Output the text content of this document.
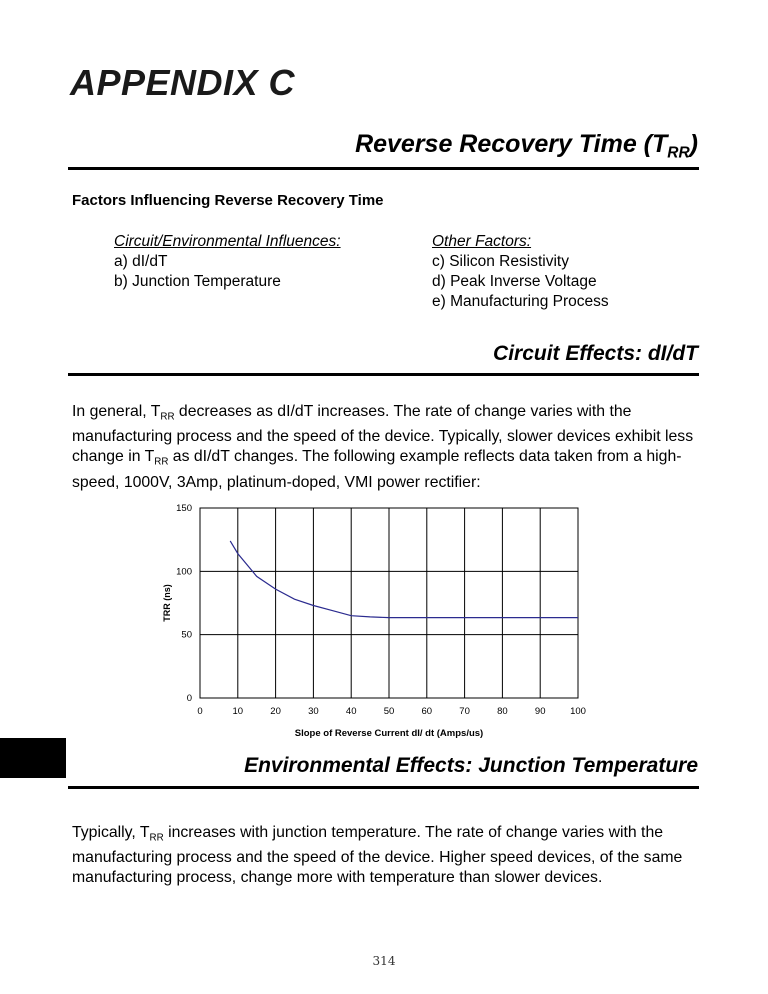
APPENDIX C
Reverse Recovery Time $(T_{RR})$
Factors Influencing Reverse Recovery Time
Circuit/Environmental Influences:
a) dI/dT
b) Junction Temperature
Other Factors:
c) Silicon Resistivity
d) Peak Inverse Voltage
e) Manufacturing Process
Circuit Effects: dI/dT

In general, $T_{RR}$ decreases as dI/dT increases. The rate of change varies with the manufacturing process and the speed of the device. Typically, slower devices exhibit less change in $T_{RR}$ as dI/dT changes. The following example reflects data taken from a high-speed, 1000V, 3Amp, platinum-doped, VMI power rectifier:

0
50
100
150
0	10	20	30	40	50	60	70	80	90	100
TRR (ns)
Slope of Reverse Current dI/ dt (Amps/us)
Environmental Effects: Junction Temperature

Typically, $T_{RR}$ increases with junction temperature. The rate of change varies with the manufacturing process and the speed of the device. Higher speed devices, of the same manufacturing process, change more with temperature than slower devices.

314
